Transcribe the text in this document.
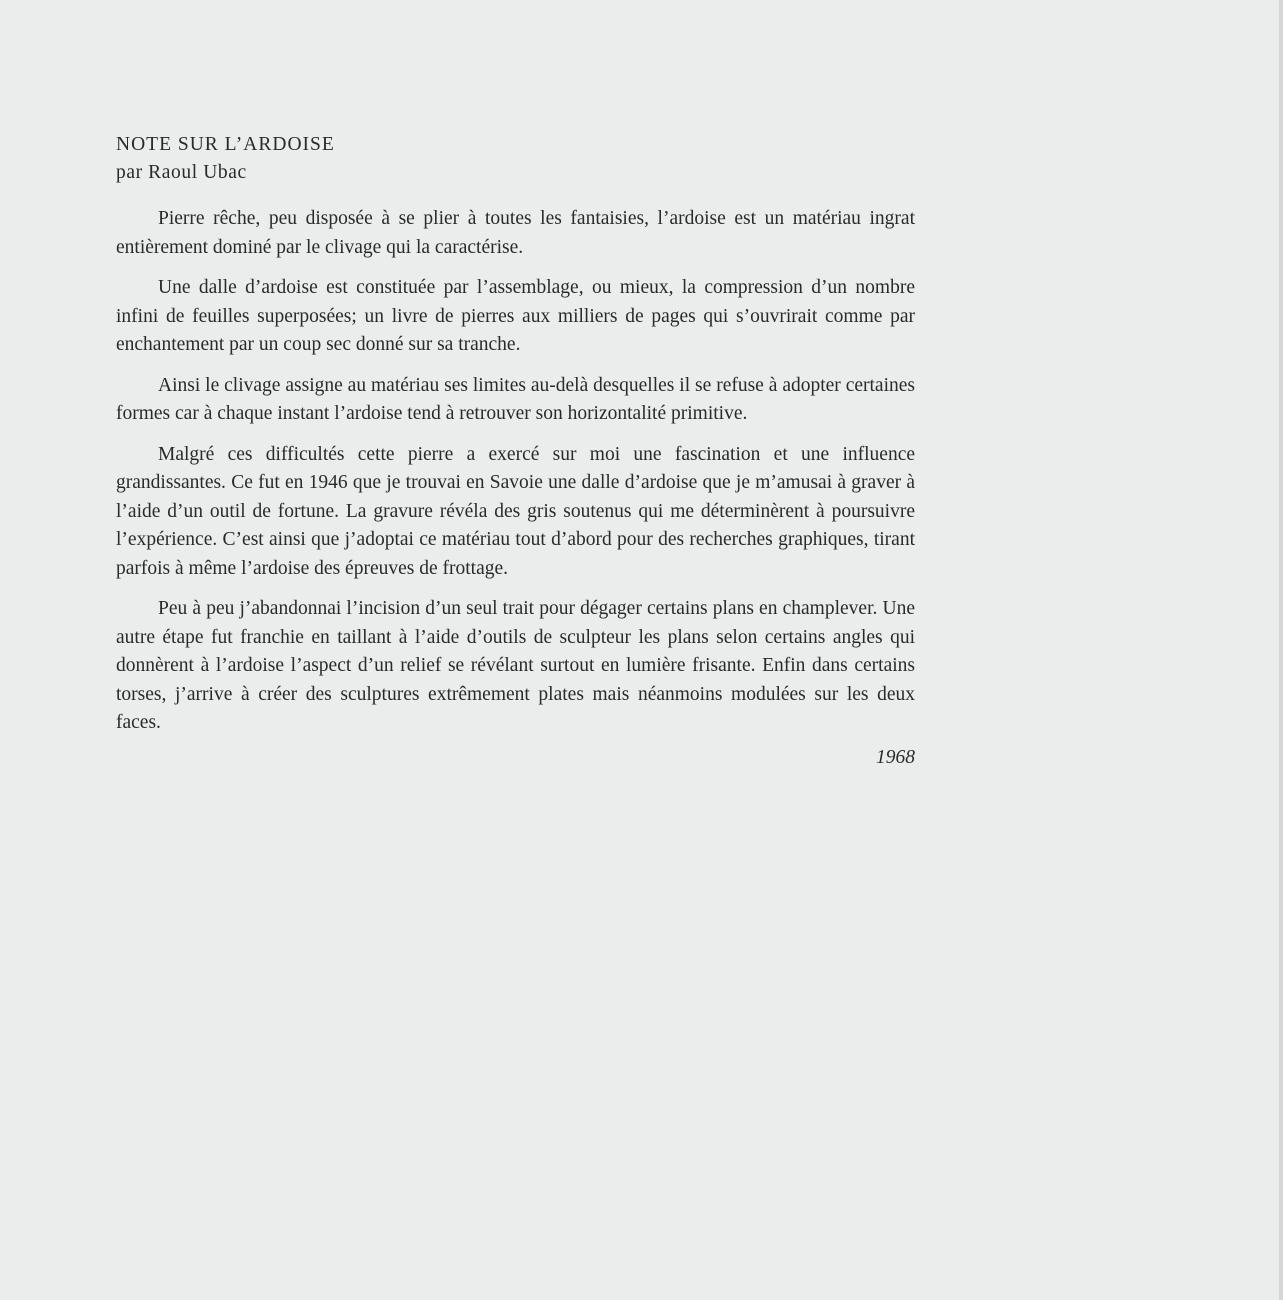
NOTE SUR L’ARDOISE

par Raoul Ubac

Pierre rêche, peu disposée à se plier à toutes les fantaisies, l’ardoise est un matériau ingrat entièrement dominé par le clivage qui la caractérise.

Une dalle d’ardoise est constituée par l’assemblage, ou mieux, la compression d’un nombre infini de feuilles superposées; un livre de pierres aux milliers de pages qui s’ouvrirait comme par enchantement par un coup sec donné sur sa tranche.

Ainsi le clivage assigne au matériau ses limites au-delà desquelles il se refuse à adopter certaines formes car à chaque instant l’ardoise tend à retrouver son horizontalité primitive.

Malgré ces difficultés cette pierre a exercé sur moi une fascination et une influence grandissantes. Ce fut en 1946 que je trouvai en Savoie une dalle d’ardoise que je m’amusai à graver à l’aide d’un outil de fortune. La gravure révéla des gris soutenus qui me déterminèrent à poursuivre l’expérience. C’est ainsi que j’adoptai ce matériau tout d’abord pour des recherches graphiques, tirant parfois à même l’ardoise des épreuves de frottage.

Peu à peu j’abandonnai l’incision d’un seul trait pour dégager certains plans en champlever. Une autre étape fut franchie en taillant à l’aide d’outils de sculpteur les plans selon certains angles qui donnèrent à l’ardoise l’aspect d’un relief se révélant surtout en lumière frisante. Enfin dans certains torses, j’arrive à créer des sculptures extrêmement plates mais néanmoins modulées sur les deux faces.

1968
